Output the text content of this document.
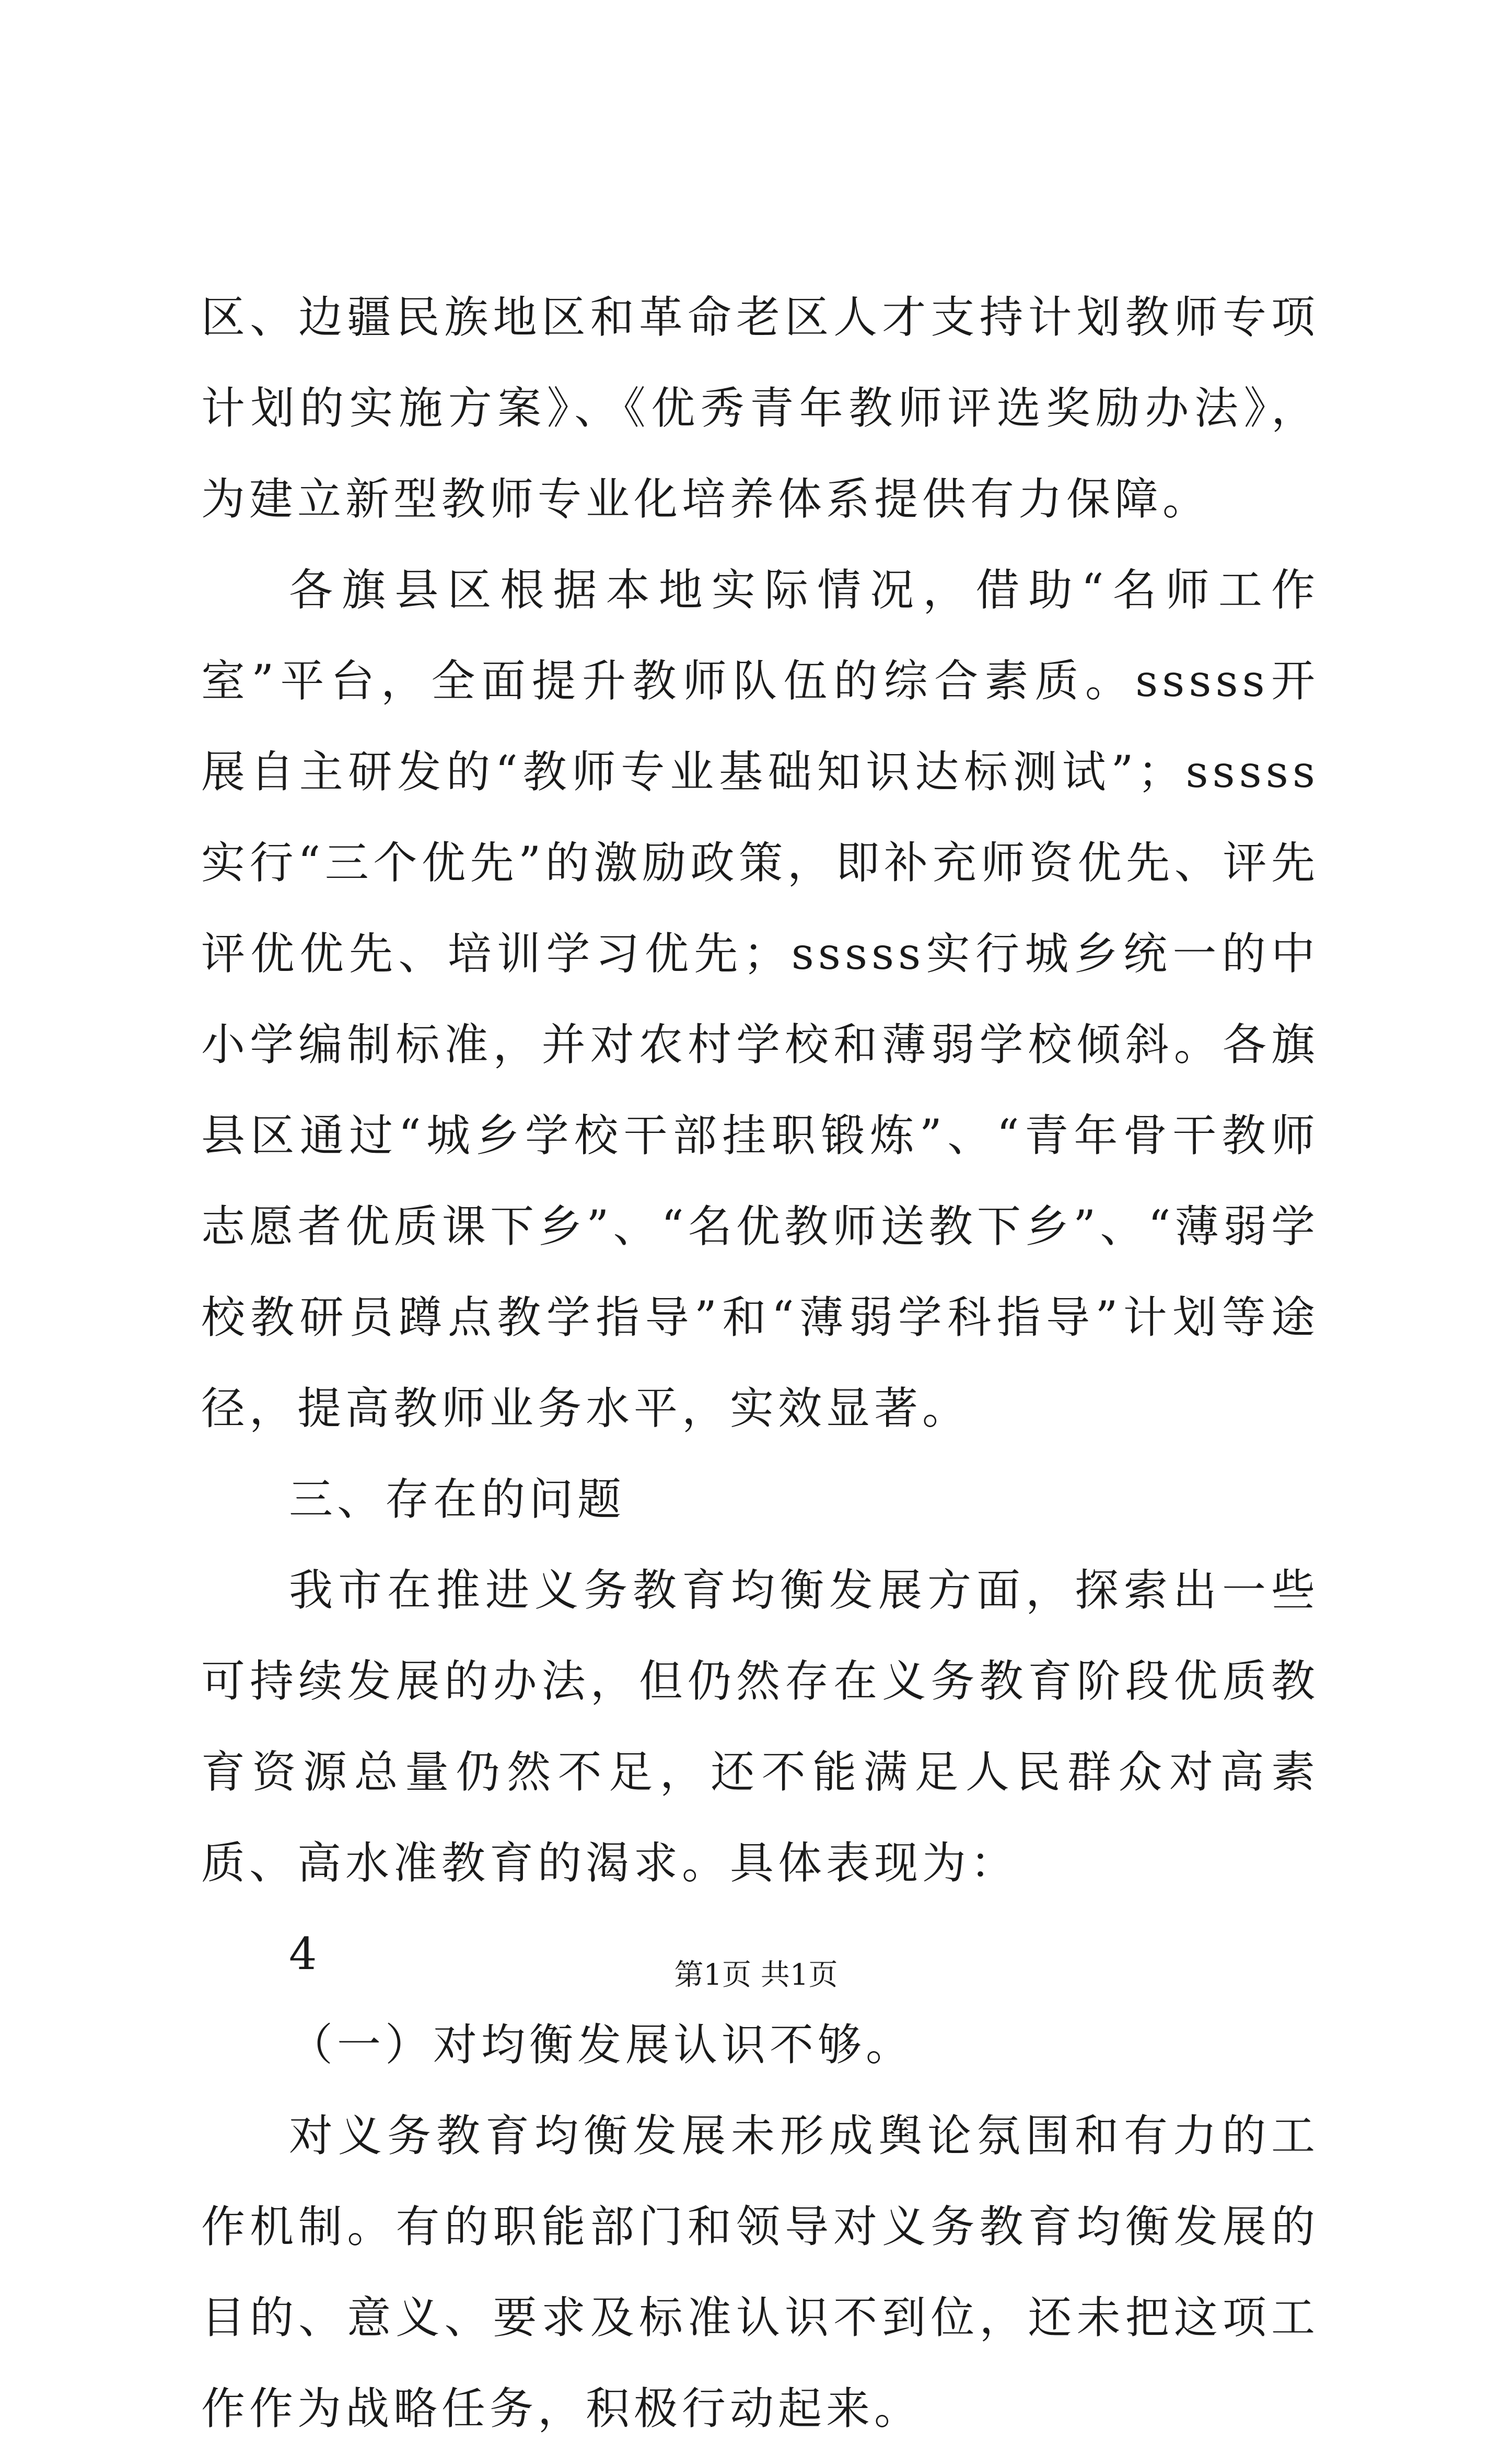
区、边疆民族地区和革命老区人才支持计划教师专项计划的实施方案》、《优秀青年教师评选奖励办法》，为建立新型教师专业化培养体系提供有力保障。

各旗县区根据本地实际情况，借助“名师工作室”平台，全面提升教师队伍的综合素质。sssss开展自主研发的“教师专业基础知识达标测试”；sssss实行“三个优先”的激励政策，即补充师资优先、评先评优优先、培训学习优先；sssss实行城乡统一的中小学编制标准，并对农村学校和薄弱学校倾斜。各旗县区通过“城乡学校干部挂职锻炼”、“青年骨干教师志愿者优质课下乡”、“名优教师送教下乡”、“薄弱学校教研员蹲点教学指导”和“薄弱学科指导”计划等途径，提高教师业务水平，实效显著。

三、存在的问题

我市在推进义务教育均衡发展方面，探索出一些可持续发展的办法，但仍然存在义务教育阶段优质教育资源总量仍然不足，还不能满足人民群众对高素质、高水准教育的渴求。具体表现为：

4

（一）对均衡发展认识不够。

对义务教育均衡发展未形成舆论氛围和有力的工作机制。有的职能部门和领导对义务教育均衡发展的目的、意义、要求及标准认识不到位，还未把这项工作作为战略任务，积极行动起来。

第1页 共1页
